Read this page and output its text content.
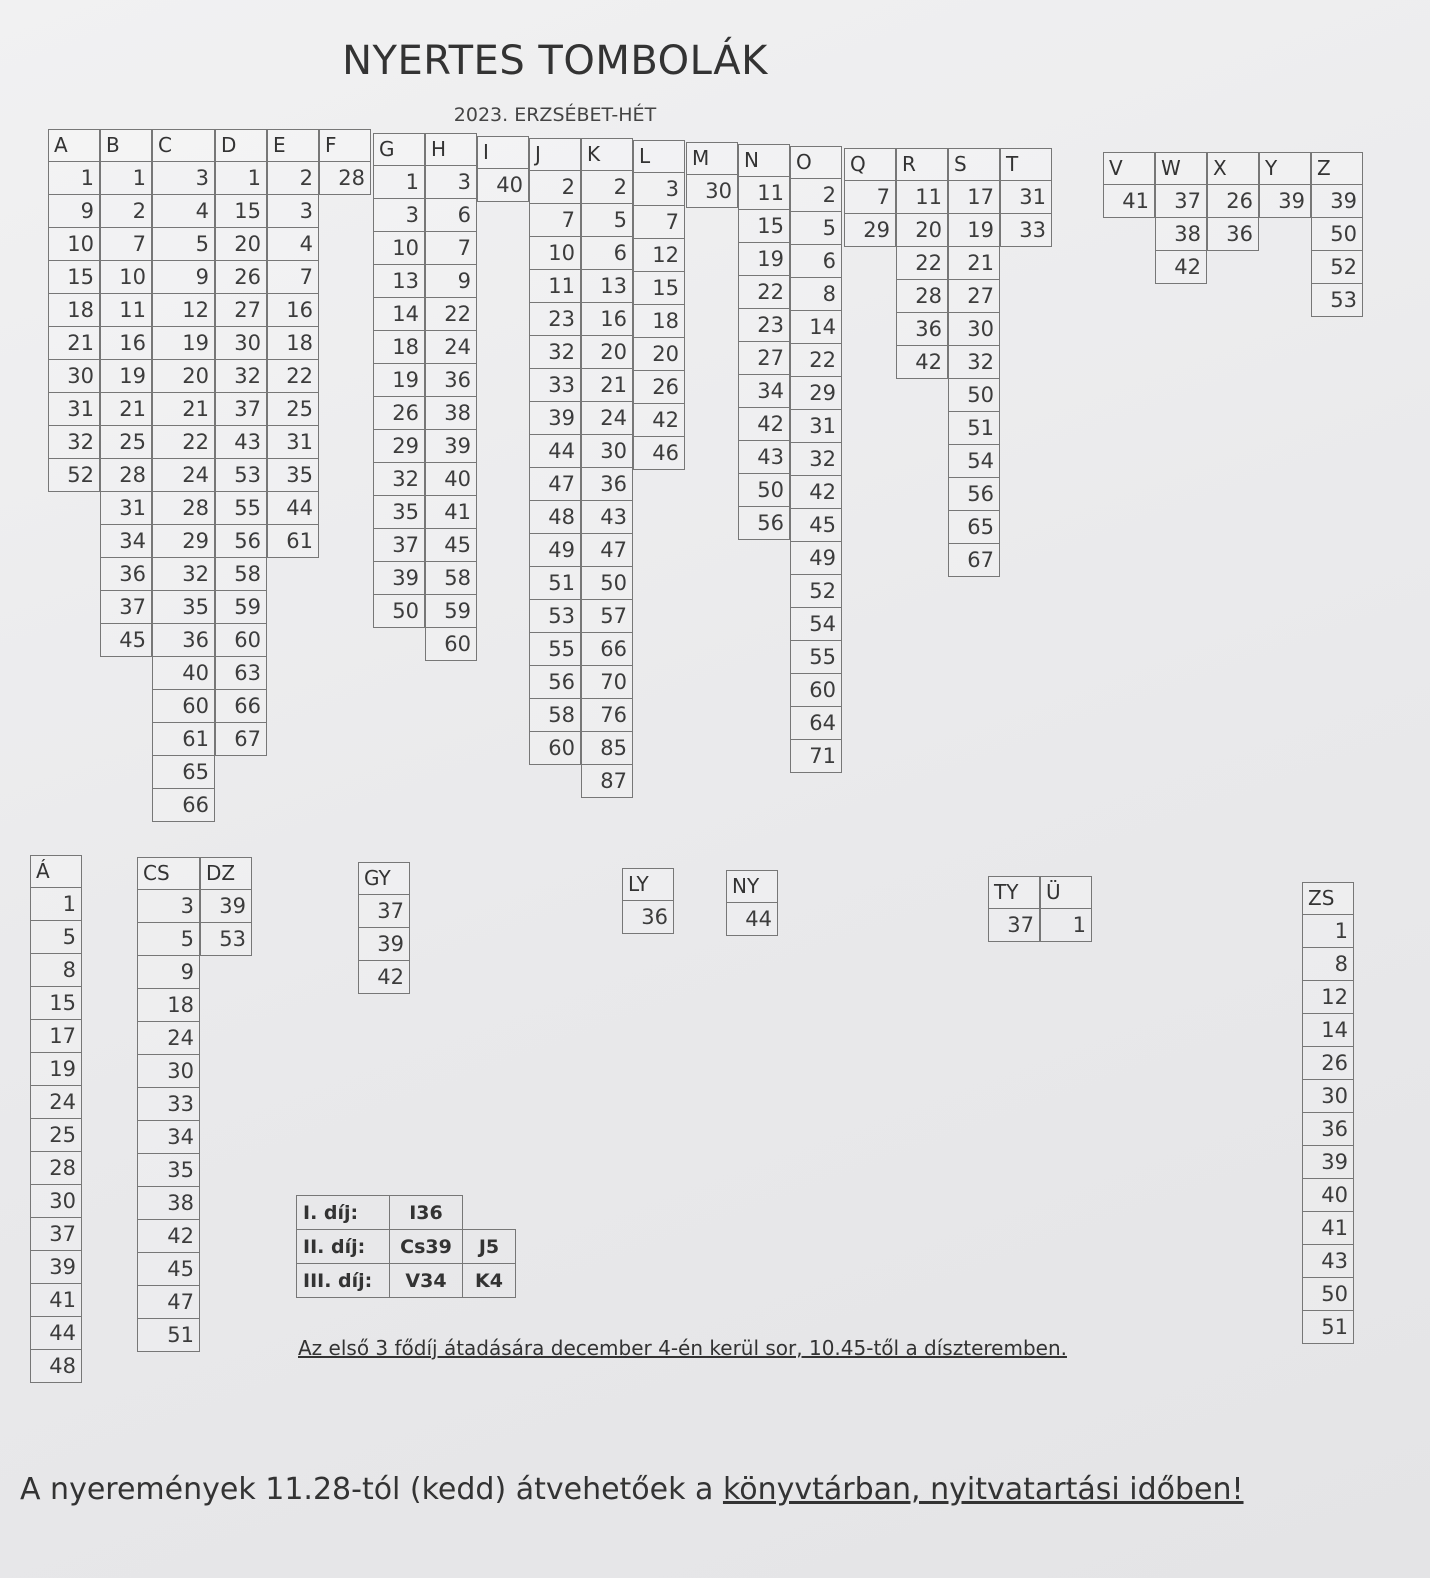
NYERTES TOMBOLÁK
2023. ERZSÉBET-HÉT
A
1
9
10
15
18
21
30
31
32
52
B
1
2
7
10
11
16
19
21
25
28
31
34
36
37
45
C
3
4
5
9
12
19
20
21
22
24
28
29
32
35
36
40
60
61
65
66
D
1
15
20
26
27
30
32
37
43
53
55
56
58
59
60
63
66
67
E
2
3
4
7
16
18
22
25
31
35
44
61
F
28
G
1
3
10
13
14
18
19
26
29
32
35
37
39
50
H
3
6
7
9
22
24
36
38
39
40
41
45
58
59
60
I
40
J
2
7
10
11
23
32
33
39
44
47
48
49
51
53
55
56
58
60
K
2
5
6
13
16
20
21
24
30
36
43
47
50
57
66
70
76
85
87
L
3
7
12
15
18
20
26
42
46
M
30
N
11
15
19
22
23
27
34
42
43
50
56
O
2
5
6
8
14
22
29
31
32
42
45
49
52
54
55
60
64
71
Q
7
29
R
11
20
22
28
36
42
S
17
19
21
27
30
32
50
51
54
56
65
67
T
31
33
V
41
W
37
38
42
X
26
36
Y
39
Z
39
50
52
53
Á
1
5
8
15
17
19
24
25
28
30
37
39
41
44
48
CS
3
5
9
18
24
30
33
34
35
38
42
45
47
51
DZ
39
53
GY
37
39
42
LY
36
NY
44
TY
37
Ü
1
ZS
1
8
12
14
26
30
36
39
40
41
43
50
51
I. díj:	I36	
II. díj:	Cs39	J5
III. díj:	V34	K4
Az első 3 fődíj átadására december 4-én kerül sor, 10.45-től a díszteremben.
A nyeremények 11.28-tól (kedd) átvehetőek a könyvtárban, nyitvatartási időben!
